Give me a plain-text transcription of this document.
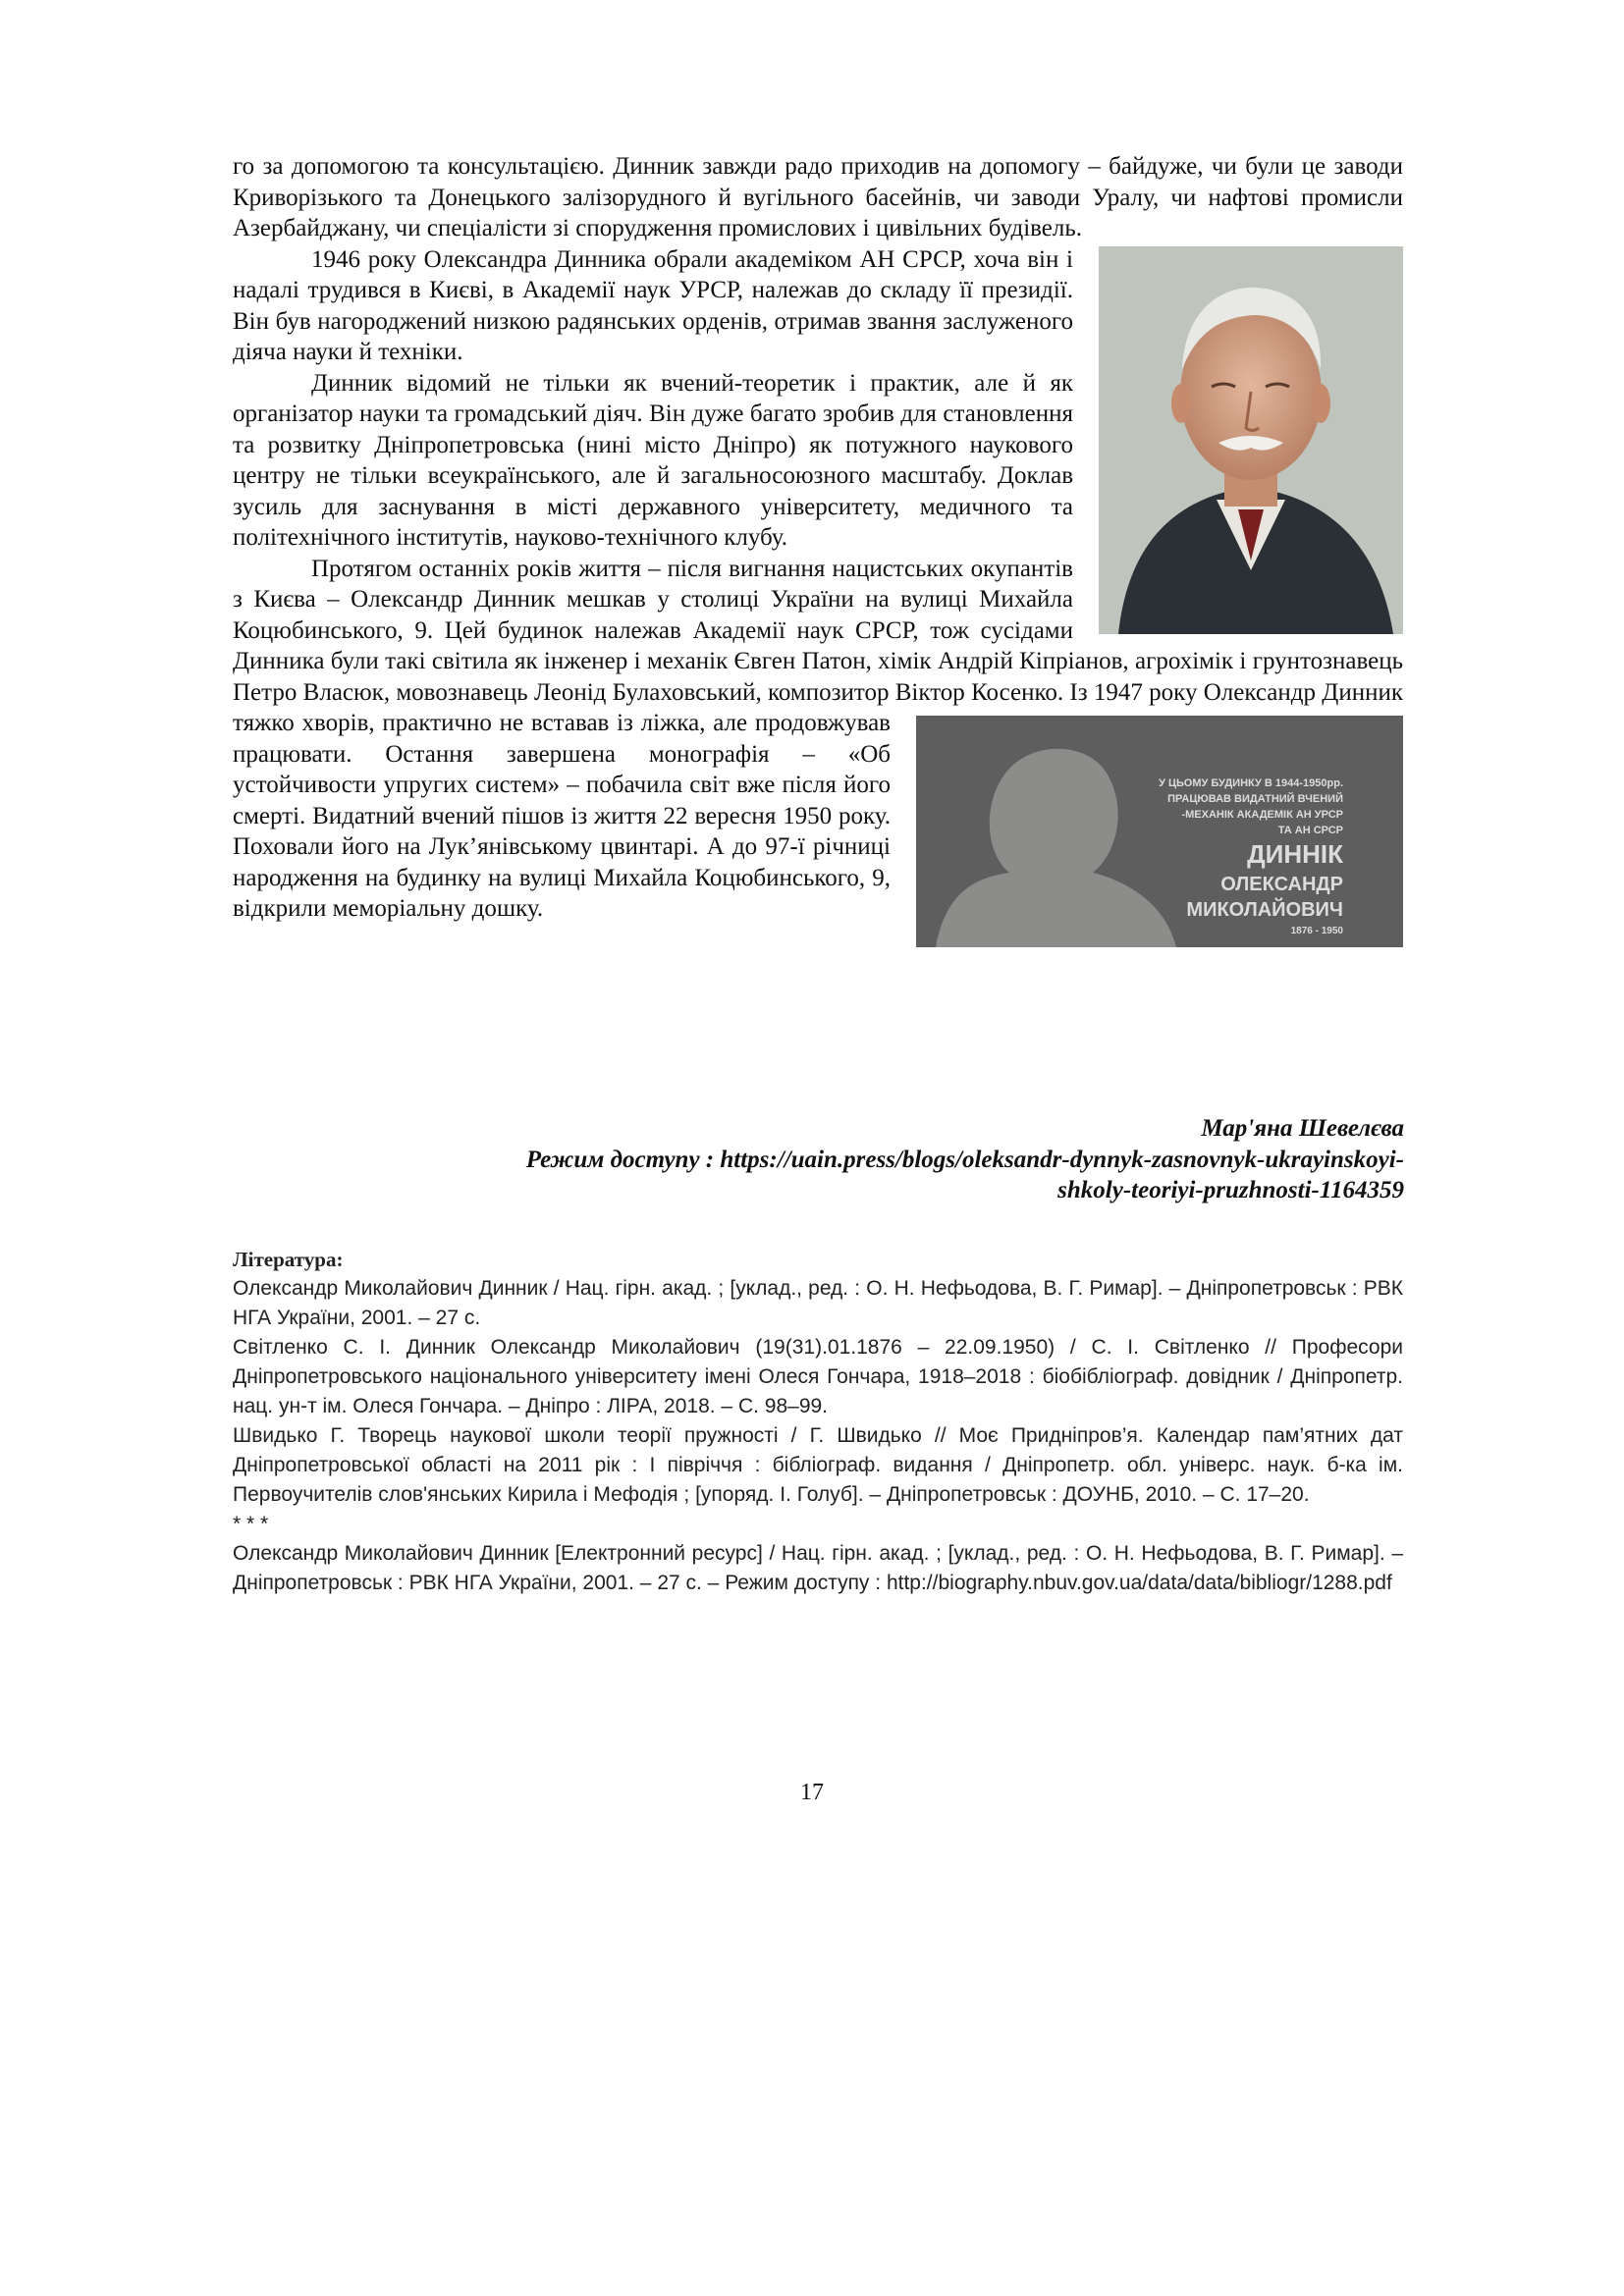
го за допомогою та консультацією. Динник завжди радо приходив на допомогу – байдуже, чи були це заводи Криворізького та Донецького залізорудного й вугільного басейнів, чи заводи Уралу, чи нафтові промисли Азербайджану, чи спеціалісти зі спорудження промислових і цивільних будівель.

1946 року Олександра Динника обрали академіком АН СРСР, хоча він і надалі трудився в Києві, в Академії наук УРСР, належав до складу її президії. Він був нагороджений низкою радянських орденів, отримав звання заслуженого діяча науки й техніки.

Динник відомий не тільки як вчений-теоретик і практик, але й як організатор науки та громадський діяч. Він дуже багато зробив для становлення та розвитку Дніпропетровська (нині місто Дніпро) як потужного наукового центру не тільки всеукраїнського, але й загальносоюзного масштабу. Доклав зусиль для заснування в місті державного університету, медичного та політехнічного інститутів, науково-технічного клубу.

Протягом останніх років життя – після вигнання нацистських окупантів з Києва – Олександр Динник мешкав у столиці України на вулиці Михайла Коцюбинського, 9. Цей будинок належав Академії наук СРСР, тож сусідами Динника були такі світила як інженер і механік Євген Патон, хімік Андрій Кіпріанов, агрохімік і грунтознавець Петро Власюк, мовознавець Леонід Булаховський, композитор Віктор Косенко. Із 1947 року Олександр Динник тяж
У ЦЬОМУ БУДИНКУ В 1944-1950рр.
ПРАЦЮВАВ ВИДАТНИЙ ВЧЕНИЙ
-МЕХАНІК АКАДЕМІК АН УРСР
ТА АН СРСР
ДИННІК
ОЛЕКСАНДР
МИКОЛАЙОВИЧ
1876 - 1950
ко хворів, практично не вставав із ліжка, але продовжував працювати. Остання завершена монографія – «Об устойчивости упругих систем» – побачила світ вже після його смерті. Видатний вчений пішов із життя 22 вересня 1950 року. Поховали його на Лук’янівському цвинтарі. А до 97-ї річниці народження на будинку на вулиці Михайла Коцюбинського, 9, відкрили меморіальну дошку.

Мар'яна Шевелєва
Режим доступу : https://uain.press/blogs/oleksandr-dynnyk-zasnovnyk-ukrayinskoyi-
shkoly-teoriyi-pruzhnosti-1164359
Література:

Олександр Миколайович Динник / Нац. гірн. акад. ; [уклад., ред. : О. Н. Нефьодова, В. Г. Римар]. – Дніпропетровськ : РВК НГА України, 2001. – 27 с.

Світленко С. І. Динник Олександр Миколайович (19(31).01.1876 – 22.09.1950) / С. І. Світленко // Професори Дніпропетровського національного університету імені Олеся Гончара, 1918–2018 : біобібліограф. довідник / Дніпропетр. нац. ун-т ім. Олеся Гончара. – Дніпро : ЛІРА, 2018. – С. 98–99.

Швидько Г. Творець наукової школи теорії пружності / Г. Швидько // Моє Придніпров’я. Календар пам’ятних дат Дніпропетровської області на 2011 рік : І півріччя : бібліограф. видання / Дніпропетр. обл. універс. наук. б-ка ім. Первоучителів слов'янських Кирила і Мефодія ; [упоряд. І. Голуб]. – Дніпропетровськ : ДОУНБ, 2010. – С. 17–20.

* * *

Олександр Миколайович Динник [Електронний ресурс] / Нац. гірн. акад. ; [уклад., ред. : О. Н. Нефьодова, В. Г. Римар]. – Дніпропетровськ : РВК НГА України, 2001. – 27 с. – Режим доступу : http://biography.nbuv.gov.ua/data/data/bibliogr/1288.pdf

17
